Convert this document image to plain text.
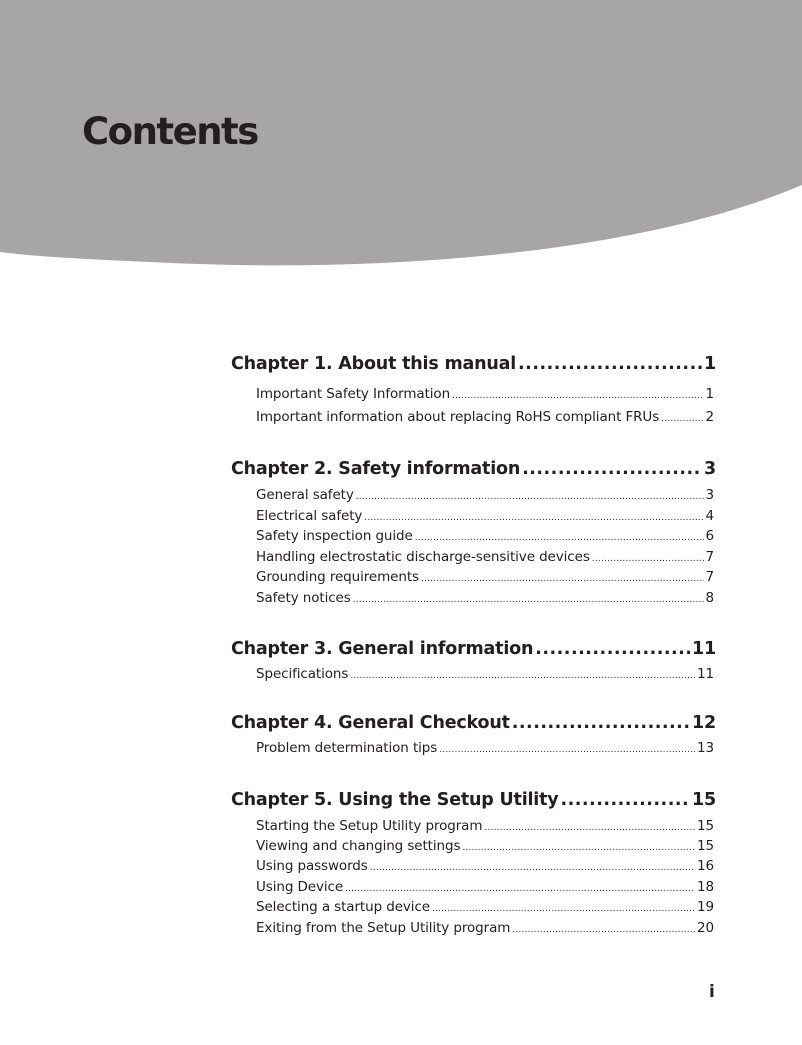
Contents
Chapter 1. About this manual .....	1
Important Safety Information .....	1
Important information about replacing RoHS compliant FRUs .....	2
Chapter 2. Safety information .....	3
General safety .....	3
Electrical safety .....	4
Safety inspection guide .....	6
Handling electrostatic discharge-sensitive devices .....	7
Grounding requirements .....	7
Safety notices .....	8
Chapter 3. General information .....	11
Specifications .....	11
Chapter 4. General Checkout .....	12
Problem determination tips .....	13
Chapter 5. Using the Setup Utility .....	15
Starting the Setup Utility program .....	15
Viewing and changing settings .....	15
Using passwords .....	16
Using Device .....	18
Selecting a startup device .....	19
Exiting from the Setup Utility program .....	20
i
